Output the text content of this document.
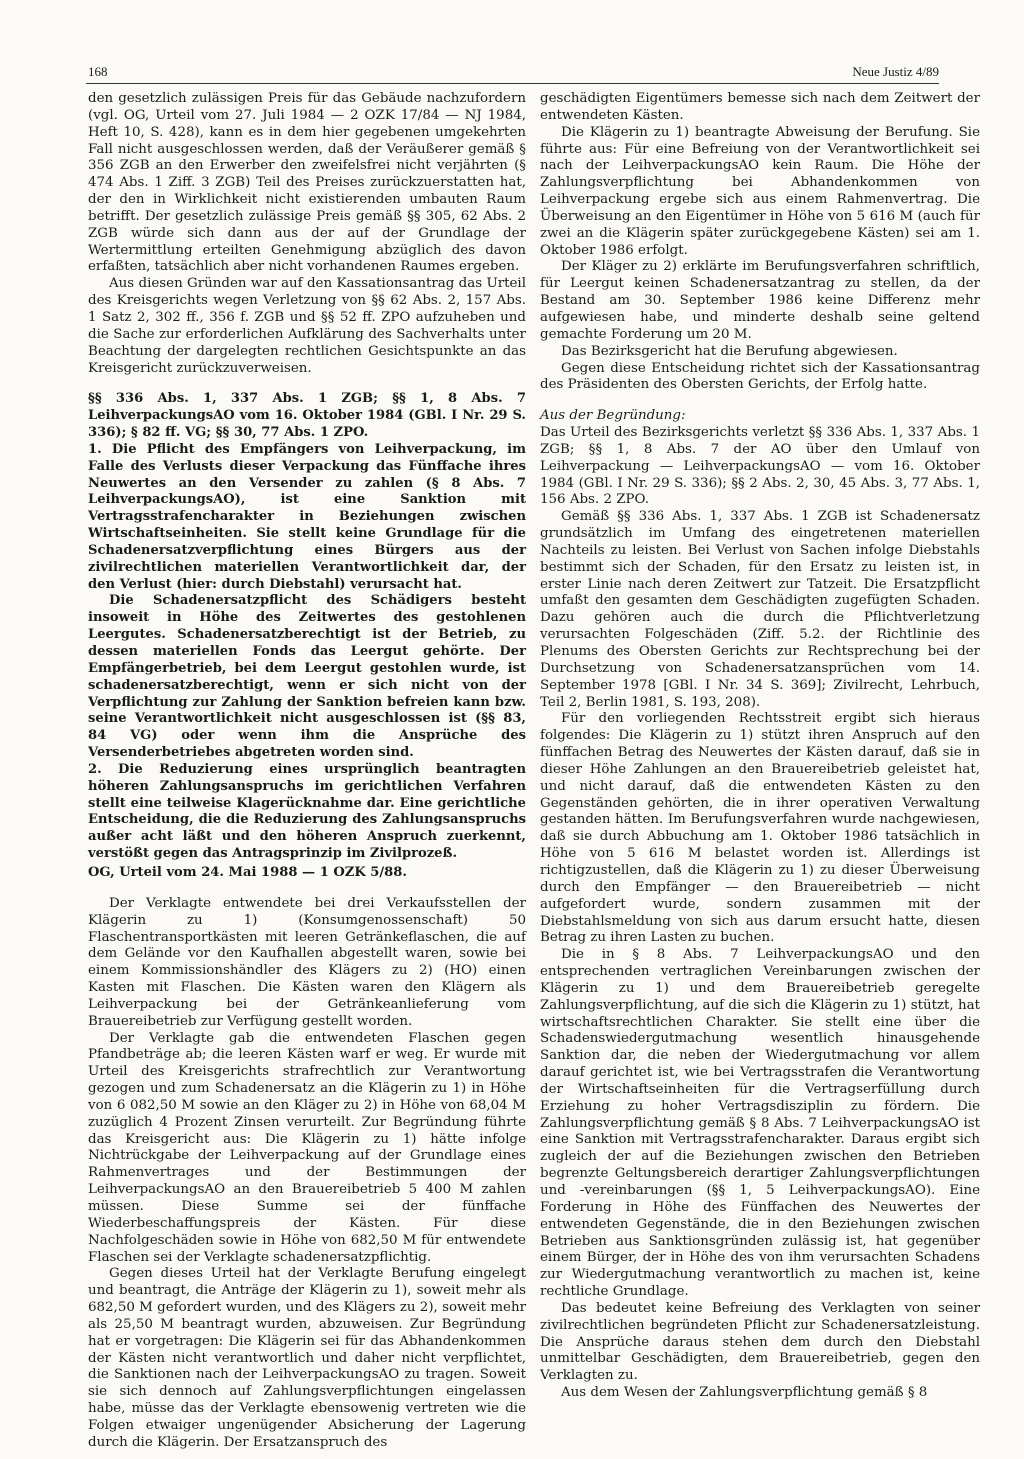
168	Neue Justiz 4/89

den gesetzlich zulässigen Preis für das Gebäude nachzufordern (vgl. OG, Urteil vom 27. Juli 1984 — 2 OZK 17/84 — NJ 1984, Heft 10, S. 428), kann es in dem hier gegebenen umgekehrten Fall nicht ausgeschlossen werden, daß der Veräußerer gemäß § 356 ZGB an den Erwerber den zweifelsfrei nicht verjährten (§ 474 Abs. 1 Ziff. 3 ZGB) Teil des Preises zurückzuerstatten hat, der den in Wirklichkeit nicht existierenden umbauten Raum betrifft. Der gesetzlich zulässige Preis gemäß §§ 305, 62 Abs. 2 ZGB würde sich dann aus der auf der Grundlage der Wertermittlung erteilten Genehmigung abzüglich des davon erfaßten, tatsächlich aber nicht vorhandenen Raumes ergeben.

Aus diesen Gründen war auf den Kassationsantrag das Urteil des Kreisgerichts wegen Verletzung von §§ 62 Abs. 2, 157 Abs. 1 Satz 2, 302 ff., 356 f. ZGB und §§ 52 ff. ZPO aufzuheben und die Sache zur erforderlichen Aufklärung des Sachverhalts unter Beachtung der dargelegten rechtlichen Gesichtspunkte an das Kreisgericht zurückzuverweisen.

§§ 336 Abs. 1, 337 Abs. 1 ZGB; §§ 1, 8 Abs. 7 LeihverpackungsAO vom 16. Oktober 1984 (GBl. I Nr. 29 S. 336); § 82 ff. VG; §§ 30, 77 Abs. 1 ZPO.

1. Die Pflicht des Empfängers von Leihverpackung, im Falle des Verlusts dieser Verpackung das Fünffache ihres Neuwertes an den Versender zu zahlen (§ 8 Abs. 7 LeihverpackungsAO), ist eine Sanktion mit Vertragsstrafencharakter in Beziehungen zwischen Wirtschaftseinheiten. Sie stellt keine Grundlage für die Schadenersatzverpflichtung eines Bürgers aus der zivilrechtlichen materiellen Verantwortlichkeit dar, der den Verlust (hier: durch Diebstahl) verursacht hat.

Die Schadenersatzpflicht des Schädigers besteht insoweit in Höhe des Zeitwertes des gestohlenen Leergutes. Schadenersatzberechtigt ist der Betrieb, zu dessen materiellen Fonds das Leergut gehörte. Der Empfängerbetrieb, bei dem Leergut gestohlen wurde, ist schadenersatzberechtigt, wenn er sich nicht von der Verpflichtung zur Zahlung der Sanktion befreien kann bzw. seine Verantwortlichkeit nicht ausgeschlossen ist (§§ 83, 84 VG) oder wenn ihm die Ansprüche des Versenderbetriebes abgetreten worden sind.

2. Die Reduzierung eines ursprünglich beantragten höheren Zahlungsanspruchs im gerichtlichen Verfahren stellt eine teilweise Klagerücknahme dar. Eine gerichtliche Entscheidung, die die Reduzierung des Zahlungsanspruchs außer acht läßt und den höheren Anspruch zuerkennt, verstößt gegen das Antragsprinzip im Zivilprozeß.

OG, Urteil vom 24. Mai 1988 — 1 OZK 5/88.

Der Verklagte entwendete bei drei Verkaufsstellen der Klägerin zu 1) (Konsumgenossenschaft) 50 Flaschentransportkästen mit leeren Getränkeflaschen, die auf dem Gelände vor den Kaufhallen abgestellt waren, sowie bei einem Kommissionshändler des Klägers zu 2) (HO) einen Kasten mit Flaschen. Die Kästen waren den Klägern als Leihverpackung bei der Getränkeanlieferung vom Brauereibetrieb zur Verfügung gestellt worden.

Der Verklagte gab die entwendeten Flaschen gegen Pfandbeträge ab; die leeren Kästen warf er weg. Er wurde mit Urteil des Kreisgerichts strafrechtlich zur Verantwortung gezogen und zum Schadenersatz an die Klägerin zu 1) in Höhe von 6 082,50 M sowie an den Kläger zu 2) in Höhe von 68,04 M zuzüglich 4 Prozent Zinsen verurteilt. Zur Begründung führte das Kreisgericht aus: Die Klägerin zu 1) hätte infolge Nichtrückgabe der Leihverpackung auf der Grundlage eines Rahmenvertrages und der Bestimmungen der LeihverpackungsAO an den Brauereibetrieb 5 400 M zahlen müssen. Diese Summe sei der fünffache Wiederbeschaffungspreis der Kästen. Für diese Nachfolgeschäden sowie in Höhe von 682,50 M für entwendete Flaschen sei der Verklagte schadenersatzpflichtig.

Gegen dieses Urteil hat der Verklagte Berufung eingelegt und beantragt, die Anträge der Klägerin zu 1), soweit mehr als 682,50 M gefordert wurden, und des Klägers zu 2), soweit mehr als 25,50 M beantragt wurden, abzuweisen. Zur Begründung hat er vorgetragen: Die Klägerin sei für das Abhandenkommen der Kästen nicht verantwortlich und daher nicht verpflichtet, die Sanktionen nach der LeihverpackungsAO zu tragen. Soweit sie sich dennoch auf Zahlungsverpflichtungen eingelassen habe, müsse das der Verklagte ebensowenig vertreten wie die Folgen etwaiger ungenügender Absicherung der Lagerung durch die Klägerin. Der Ersatzanspruch des

geschädigten Eigentümers bemesse sich nach dem Zeitwert der entwendeten Kästen.

Die Klägerin zu 1) beantragte Abweisung der Berufung. Sie führte aus: Für eine Befreiung von der Verantwortlichkeit sei nach der LeihverpackungsAO kein Raum. Die Höhe der Zahlungsverpflichtung bei Abhandenkommen von Leihverpackung ergebe sich aus einem Rahmenvertrag. Die Überweisung an den Eigentümer in Höhe von 5 616 M (auch für zwei an die Klägerin später zurückgegebene Kästen) sei am 1. Oktober 1986 erfolgt.

Der Kläger zu 2) erklärte im Berufungsverfahren schriftlich, für Leergut keinen Schadenersatzantrag zu stellen, da der Bestand am 30. September 1986 keine Differenz mehr aufgewiesen habe, und minderte deshalb seine geltend gemachte Forderung um 20 M.

Das Bezirksgericht hat die Berufung abgewiesen.

Gegen diese Entscheidung richtet sich der Kassationsantrag des Präsidenten des Obersten Gerichts, der Erfolg hatte.

Aus der Begründung:

Das Urteil des Bezirksgerichts verletzt §§ 336 Abs. 1, 337 Abs. 1 ZGB; §§ 1, 8 Abs. 7 der AO über den Umlauf von Leihverpackung — LeihverpackungsAO — vom 16. Oktober 1984 (GBl. I Nr. 29 S. 336); §§ 2 Abs. 2, 30, 45 Abs. 3, 77 Abs. 1, 156 Abs. 2 ZPO.

Gemäß §§ 336 Abs. 1, 337 Abs. 1 ZGB ist Schadenersatz grundsätzlich im Umfang des eingetretenen materiellen Nachteils zu leisten. Bei Verlust von Sachen infolge Diebstahls bestimmt sich der Schaden, für den Ersatz zu leisten ist, in erster Linie nach deren Zeitwert zur Tatzeit. Die Ersatzpflicht umfaßt den gesamten dem Geschädigten zugefügten Schaden. Dazu gehören auch die durch die Pflichtverletzung verursachten Folgeschäden (Ziff. 5.2. der Richtlinie des Plenums des Obersten Gerichts zur Rechtsprechung bei der Durchsetzung von Schadenersatzansprüchen vom 14. September 1978 [GBl. I Nr. 34 S. 369]; Zivilrecht, Lehrbuch, Teil 2, Berlin 1981, S. 193, 208).

Für den vorliegenden Rechtsstreit ergibt sich hieraus folgendes: Die Klägerin zu 1) stützt ihren Anspruch auf den fünffachen Betrag des Neuwertes der Kästen darauf, daß sie in dieser Höhe Zahlungen an den Brauereibetrieb geleistet hat, und nicht darauf, daß die entwendeten Kästen zu den Gegenständen gehörten, die in ihrer operativen Verwaltung gestanden hätten. Im Berufungsverfahren wurde nachgewiesen, daß sie durch Abbuchung am 1. Oktober 1986 tatsächlich in Höhe von 5 616 M belastet worden ist. Allerdings ist richtigzustellen, daß die Klägerin zu 1) zu dieser Überweisung durch den Empfänger — den Brauereibetrieb — nicht aufgefordert wurde, sondern zusammen mit der Diebstahlsmeldung von sich aus darum ersucht hatte, diesen Betrag zu ihren Lasten zu buchen.

Die in § 8 Abs. 7 LeihverpackungsAO und den entsprechenden vertraglichen Vereinbarungen zwischen der Klägerin zu 1) und dem Brauereibetrieb geregelte Zahlungsverpflichtung, auf die sich die Klägerin zu 1) stützt, hat wirtschaftsrechtlichen Charakter. Sie stellt eine über die Schadenswiedergutmachung wesentlich hinausgehende Sanktion dar, die neben der Wiedergutmachung vor allem darauf gerichtet ist, wie bei Vertragsstrafen die Verantwortung der Wirtschaftseinheiten für die Vertragserfüllung durch Erziehung zu hoher Vertragsdisziplin zu fördern. Die Zahlungsverpflichtung gemäß § 8 Abs. 7 LeihverpackungsAO ist eine Sanktion mit Vertragsstrafencharakter. Daraus ergibt sich zugleich der auf die Beziehungen zwischen den Betrieben begrenzte Geltungsbereich derartiger Zahlungsverpflichtungen und -vereinbarungen (§§ 1, 5 LeihverpackungsAO). Eine Forderung in Höhe des Fünffachen des Neuwertes der entwendeten Gegenstände, die in den Beziehungen zwischen Betrieben aus Sanktionsgründen zulässig ist, hat gegenüber einem Bürger, der in Höhe des von ihm verursachten Schadens zur Wiedergutmachung verantwortlich zu machen ist, keine rechtliche Grundlage.

Das bedeutet keine Befreiung des Verklagten von seiner zivilrechtlichen begründeten Pflicht zur Schadenersatzleistung. Die Ansprüche daraus stehen dem durch den Diebstahl unmittelbar Geschädigten, dem Brauereibetrieb, gegen den Verklagten zu.

Aus dem Wesen der Zahlungsverpflichtung gemäß § 8
